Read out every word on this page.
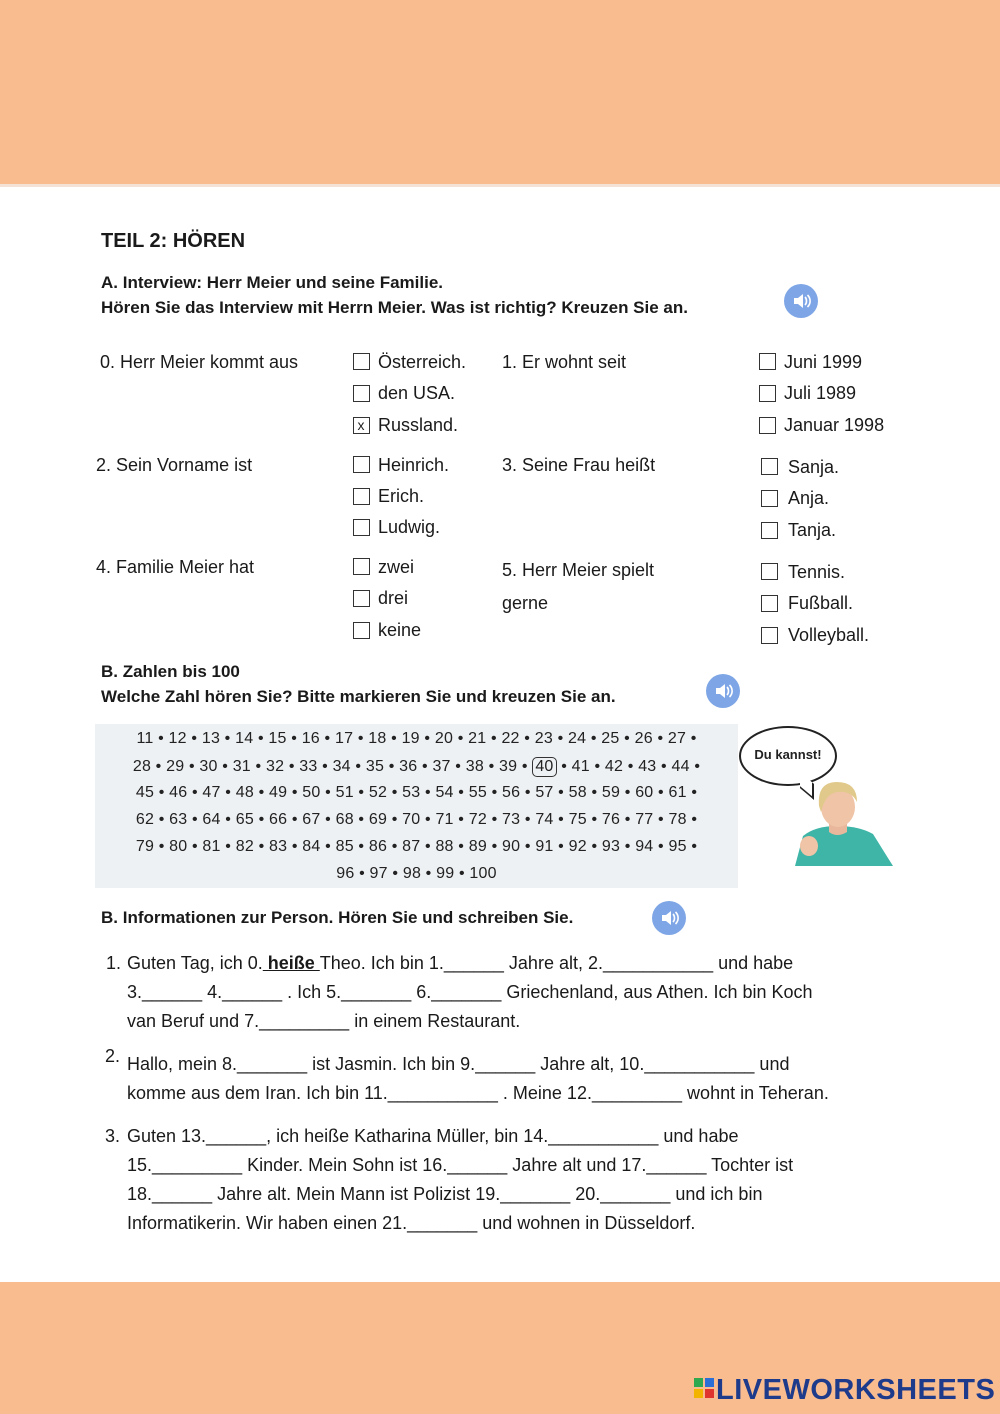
TEIL 2: HÖREN
A. Interview: Herr Meier und seine Familie.
Hören Sie das Interview mit Herrn Meier. Was ist richtig? Kreuzen Sie an.
0. Herr Meier kommt aus	Österreich.
den USA.
x Russland.
1. Er wohnt seit	Juni 1999
Juli 1989
Januar 1998
2. Sein Vorname ist	Heinrich.
Erich.
Ludwig.
3. Seine Frau heißt	Sanja.
Anja.
Tanja.
4. Familie Meier hat	zwei
drei
keine
5. Herr Meier spielt
gerne
Tennis.
Fußball.
Volleyball.
B. Zahlen bis 100
Welche Zahl hören Sie? Bitte markieren Sie und kreuzen Sie an.
11 • 12 • 13 • 14 • 15 • 16 • 17 • 18 • 19 • 20 • 21 • 22 • 23 • 24 • 25 • 26 • 27 •
28 • 29 • 30 • 31 • 32 • 33 • 34 • 35 • 36 • 37 • 38 • 39 • 40 • 41 • 42 • 43 • 44 •
45 • 46 • 47 • 48 • 49 • 50 • 51 • 52 • 53 • 54 • 55 • 56 • 57 • 58 • 59 • 60 • 61 •
62 • 63 • 64 • 65 • 66 • 67 • 68 • 69 • 70 • 71 • 72 • 73 • 74 • 75 • 76 • 77 • 78 •
79 • 80 • 81 • 82 • 83 • 84 • 85 • 86 • 87 • 88 • 89 • 90 • 91 • 92 • 93 • 94 • 95 •
96 • 97 • 98 • 99 • 100
Du kannst!
B. Informationen zur Person. Hören Sie und schreiben Sie.
1. Guten Tag, ich 0. heiße Theo. Ich bin 1.______ Jahre alt, 2.___________ und habe
3.______ 4.______ . Ich 5._______ 6._______ Griechenland, aus Athen. Ich bin Koch
van Beruf und 7._________ in einem Restaurant.
2. Hallo, mein 8._______ ist Jasmin. Ich bin 9.______ Jahre alt, 10.___________ und
komme aus dem Iran. Ich bin 11.___________ . Meine 12._________ wohnt in Teheran.
3. Guten 13.______, ich heiße Katharina Müller, bin 14.___________ und habe
15._________ Kinder. Mein Sohn ist 16.______ Jahre alt und 17.______ Tochter ist
18.______ Jahre alt. Mein Mann ist Polizist 19._______ 20._______ und ich bin
Informatikerin. Wir haben einen 21._______ und wohnen in Düsseldorf.
LIVEWORKSHEETS
